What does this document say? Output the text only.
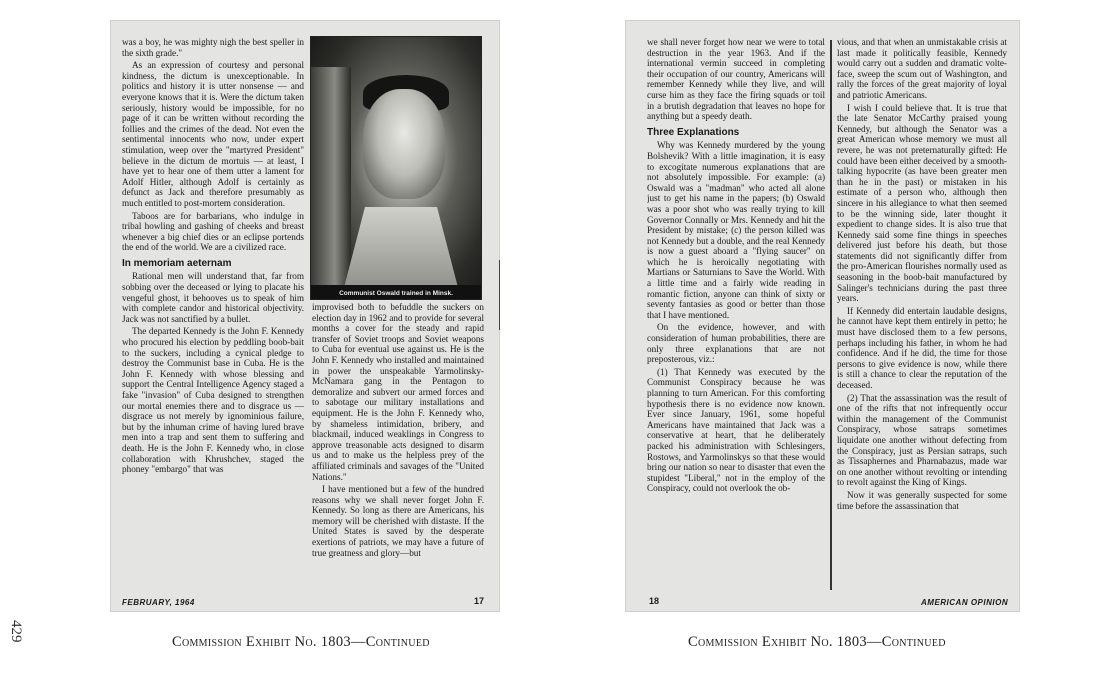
was a boy, he was mighty nigh the best speller in the sixth grade."

As an expression of courtesy and personal kindness, the dictum is unexceptionable. In politics and history it is utter nonsense — and everyone knows that it is. Were the dictum taken seriously, history would be impossible, for no page of it can be written without recording the follies and the crimes of the dead. Not even the sentimental innocents who now, under expert stimulation, weep over the "martyred President" believe in the dictum de mortuis — at least, I have yet to hear one of them utter a lament for Adolf Hitler, although Adolf is certainly as defunct as Jack and therefore presumably as much entitled to post-mortem consideration.

Taboos are for barbarians, who indulge in tribal howling and gashing of cheeks and breast whenever a big chief dies or an eclipse portends the end of the world. We are a civilized race.

In memoriam aeternam

Rational men will understand that, far from sobbing over the deceased or lying to placate his vengeful ghost, it behooves us to speak of him with complete candor and historical objectivity. Jack was not sanctified by a bullet.

The departed Kennedy is the John F. Kennedy who procured his election by peddling boob-bait to the suckers, including a cynical pledge to destroy the Communist base in Cuba. He is the John F. Kennedy with whose blessing and support the Central Intelligence Agency staged a fake "invasion" of Cuba designed to strengthen our mortal enemies there and to disgrace us — disgrace us not merely by ignominious failure, but by the inhuman crime of having lured brave men into a trap and sent them to suffering and death. He is the John F. Kennedy who, in close collaboration with Khrushchev, staged the phoney "embargo" that was

Communist Oswald trained in Minsk.

improvised both to befuddle the suckers on election day in 1962 and to provide for several months a cover for the steady and rapid transfer of Soviet troops and Soviet weapons to Cuba for eventual use against us. He is the John F. Kennedy who installed and maintained in power the unspeakable Yarmolinsky-McNamara gang in the Pentagon to demoralize and subvert our armed forces and to sabotage our military installations and equipment. He is the John F. Kennedy who, by shameless intimidation, bribery, and blackmail, induced weaklings in Congress to approve treasonable acts designed to disarm us and to make us the helpless prey of the affiliated criminals and savages of the "United Nations."

I have mentioned but a few of the hundred reasons why we shall never forget John F. Kennedy. So long as there are Americans, his memory will be cherished with distaste. If the United States is saved by the desperate exertions of patriots, we may have a future of true greatness and glory—but

FEBRUARY, 1964	17

we shall never forget how near we were to total destruction in the year 1963. And if the international vermin succeed in completing their occupation of our country, Americans will remember Kennedy while they live, and will curse him as they face the firing squads or toil in a brutish degradation that leaves no hope for anything but a speedy death.

Three Explanations

Why was Kennedy murdered by the young Bolshevik? With a little imagination, it is easy to excogitate numerous explanations that are not absolutely impossible. For example: (a) Oswald was a "madman" who acted all alone just to get his name in the papers; (b) Oswald was a poor shot who was really trying to kill Governor Connally or Mrs. Kennedy and hit the President by mistake; (c) the person killed was not Kennedy but a double, and the real Kennedy is now a guest aboard a "flying saucer" on which he is heroically negotiating with Martians or Saturnians to Save the World. With a little time and a fairly wide reading in romantic fiction, anyone can think of sixty or seventy fantasies as good or better than those that I have mentioned.

On the evidence, however, and with consideration of human probabilities, there are only three explanations that are not preposterous, viz.:

(1) That Kennedy was executed by the Communist Conspiracy because he was planning to turn American. For this comforting hypothesis there is no evidence now known. Ever since January, 1961, some hopeful Americans have maintained that Jack was a conservative at heart, that he deliberately packed his administration with Schlesingers, Rostows, and Yarmolinskys so that these would bring our nation so near to disaster that even the stupidest "Liberal," not in the employ of the Conspiracy, could not overlook the ob-

vious, and that when an unmistakable crisis at last made it politically feasible, Kennedy would carry out a sudden and dramatic volte-face, sweep the scum out of Washington, and rally the forces of the great majority of loyal and patriotic Americans.

I wish I could believe that. It is true that the late Senator McCarthy praised young Kennedy, but although the Senator was a great American whose memory we must all revere, he was not preternaturally gifted: He could have been either deceived by a smooth-talking hypocrite (as have been greater men than he in the past) or mistaken in his estimate of a person who, although then sincere in his allegiance to what then seemed to be the winning side, later thought it expedient to change sides. It is also true that Kennedy said some fine things in speeches delivered just before his death, but those statements did not significantly differ from the pro-American flourishes normally used as seasoning in the boob-bait manufactured by Salinger's technicians during the past three years.

If Kennedy did entertain laudable designs, he cannot have kept them entirely in petto; he must have disclosed them to a few persons, perhaps including his father, in whom he had confidence. And if he did, the time for those persons to give evidence is now, while there is still a chance to clear the reputation of the deceased.

(2) That the assassination was the result of one of the rifts that not infrequently occur within the management of the Communist Conspiracy, whose satraps sometimes liquidate one another without defecting from the Conspiracy, just as Persian satraps, such as Tissaphernes and Pharnabazus, made war on one another without revolting or intending to revolt against the King of Kings.

Now it was generally suspected for some time before the assassination that

18	AMERICAN OPINION
Commission Exhibit No. 1803—Continued	Commission Exhibit No. 1803—Continued
429
